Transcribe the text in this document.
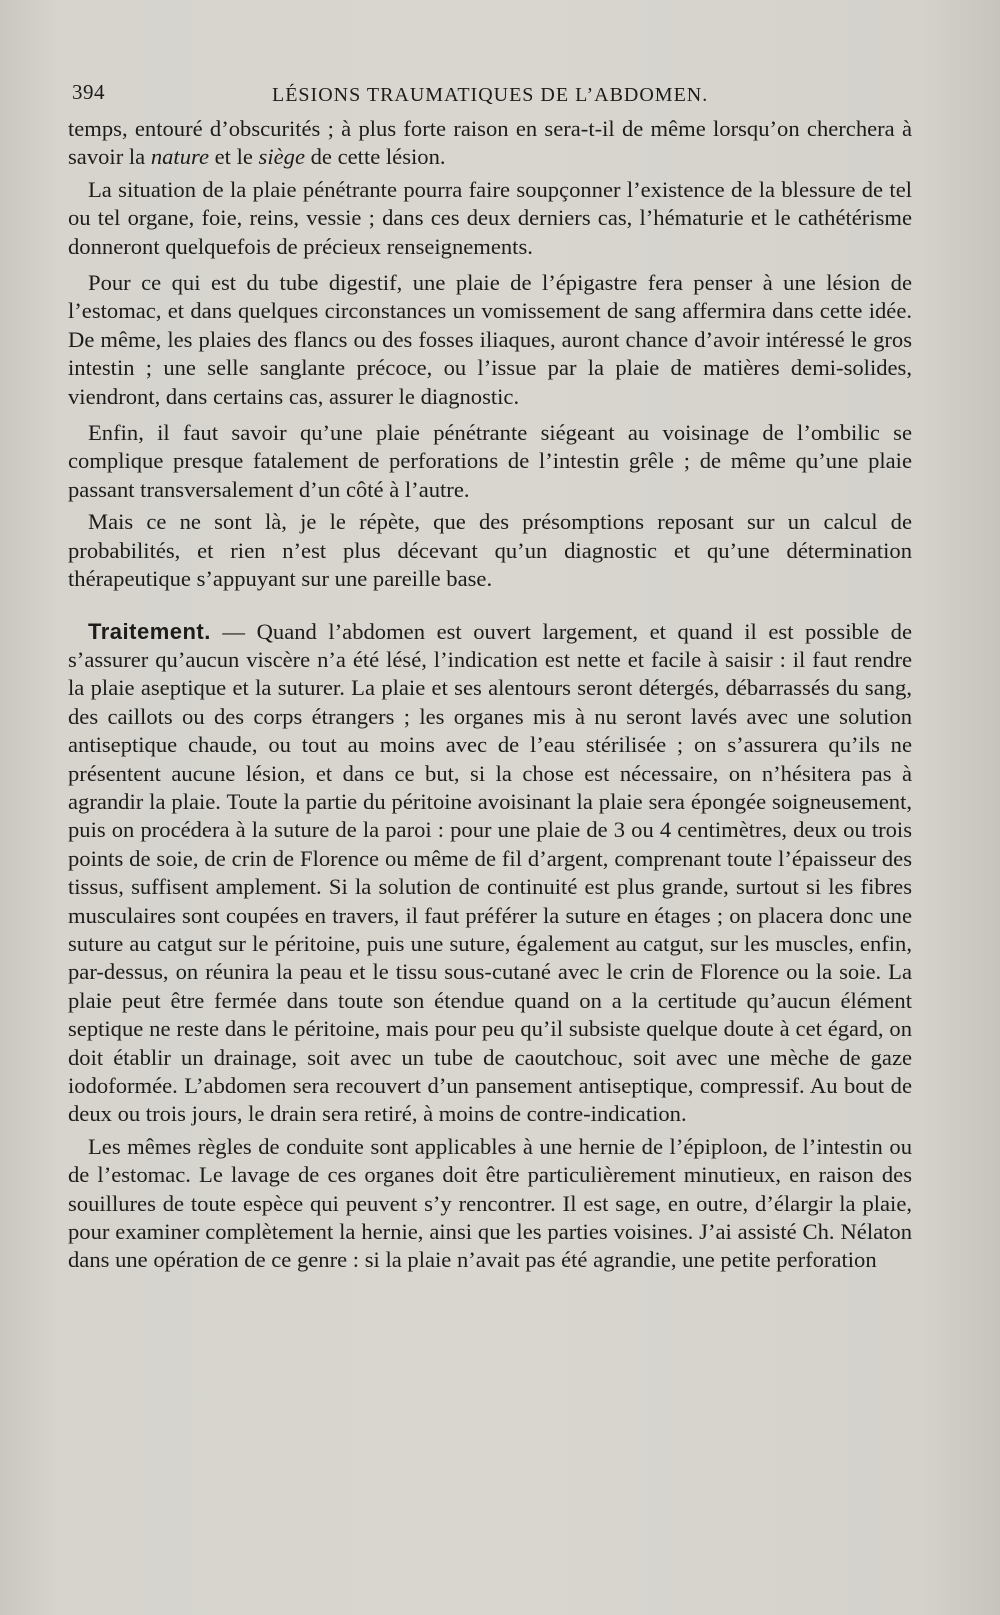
394	LÉSIONS TRAUMATIQUES DE L’ABDOMEN.

temps, entouré d’obscurités ; à plus forte raison en sera-t-il de même lorsqu’on cherchera à savoir la nature et le siège de cette lésion.

La situation de la plaie pénétrante pourra faire soupçonner l’existence de la blessure de tel ou tel organe, foie, reins, vessie ; dans ces deux derniers cas, l’hématurie et le cathétérisme donneront quelquefois de précieux renseignements.

Pour ce qui est du tube digestif, une plaie de l’épigastre fera penser à une lésion de l’estomac, et dans quelques circonstances un vomissement de sang affermira dans cette idée. De même, les plaies des flancs ou des fosses iliaques, auront chance d’avoir intéressé le gros intestin ; une selle sanglante précoce, ou l’issue par la plaie de matières demi-solides, viendront, dans certains cas, assurer le diagnostic.

Enfin, il faut savoir qu’une plaie pénétrante siégeant au voisinage de l’ombilic se complique presque fatalement de perforations de l’intestin grêle ; de même qu’une plaie passant transversalement d’un côté à l’autre.

Mais ce ne sont là, je le répète, que des présomptions reposant sur un calcul de probabilités, et rien n’est plus décevant qu’un diagnostic et qu’une détermination thérapeutique s’appuyant sur une pareille base.

Traitement. — Quand l’abdomen est ouvert largement, et quand il est possible de s’assurer qu’aucun viscère n’a été lésé, l’indication est nette et facile à saisir : il faut rendre la plaie aseptique et la suturer. La plaie et ses alentours seront détergés, débarrassés du sang, des caillots ou des corps étrangers ; les organes mis à nu seront lavés avec une solution antiseptique chaude, ou tout au moins avec de l’eau stérilisée ; on s’assurera qu’ils ne présentent aucune lésion, et dans ce but, si la chose est nécessaire, on n’hésitera pas à agrandir la plaie. Toute la partie du péritoine avoisinant la plaie sera épongée soigneusement, puis on procédera à la suture de la paroi : pour une plaie de 3 ou 4 centimètres, deux ou trois points de soie, de crin de Florence ou même de fil d’argent, comprenant toute l’épaisseur des tissus, suffisent amplement. Si la solution de continuité est plus grande, surtout si les fibres musculaires sont coupées en travers, il faut préférer la suture en étages ; on placera donc une suture au catgut sur le péritoine, puis une suture, également au catgut, sur les muscles, enfin, par-dessus, on réunira la peau et le tissu sous-cutané avec le crin de Florence ou la soie. La plaie peut être fermée dans toute son étendue quand on a la certitude qu’aucun élément septique ne reste dans le péritoine, mais pour peu qu’il subsiste quelque doute à cet égard, on doit établir un drainage, soit avec un tube de caoutchouc, soit avec une mèche de gaze iodoformée. L’abdomen sera recouvert d’un pansement antiseptique, compressif. Au bout de deux ou trois jours, le drain sera retiré, à moins de contre-indication.

Les mêmes règles de conduite sont applicables à une hernie de l’épiploon, de l’intestin ou de l’estomac. Le lavage de ces organes doit être particulièrement minutieux, en raison des souillures de toute espèce qui peuvent s’y rencontrer. Il est sage, en outre, d’élargir la plaie, pour examiner complètement la hernie, ainsi que les parties voisines. J’ai assisté Ch. Nélaton dans une opération de ce genre : si la plaie n’avait pas été agrandie, une petite perforation
